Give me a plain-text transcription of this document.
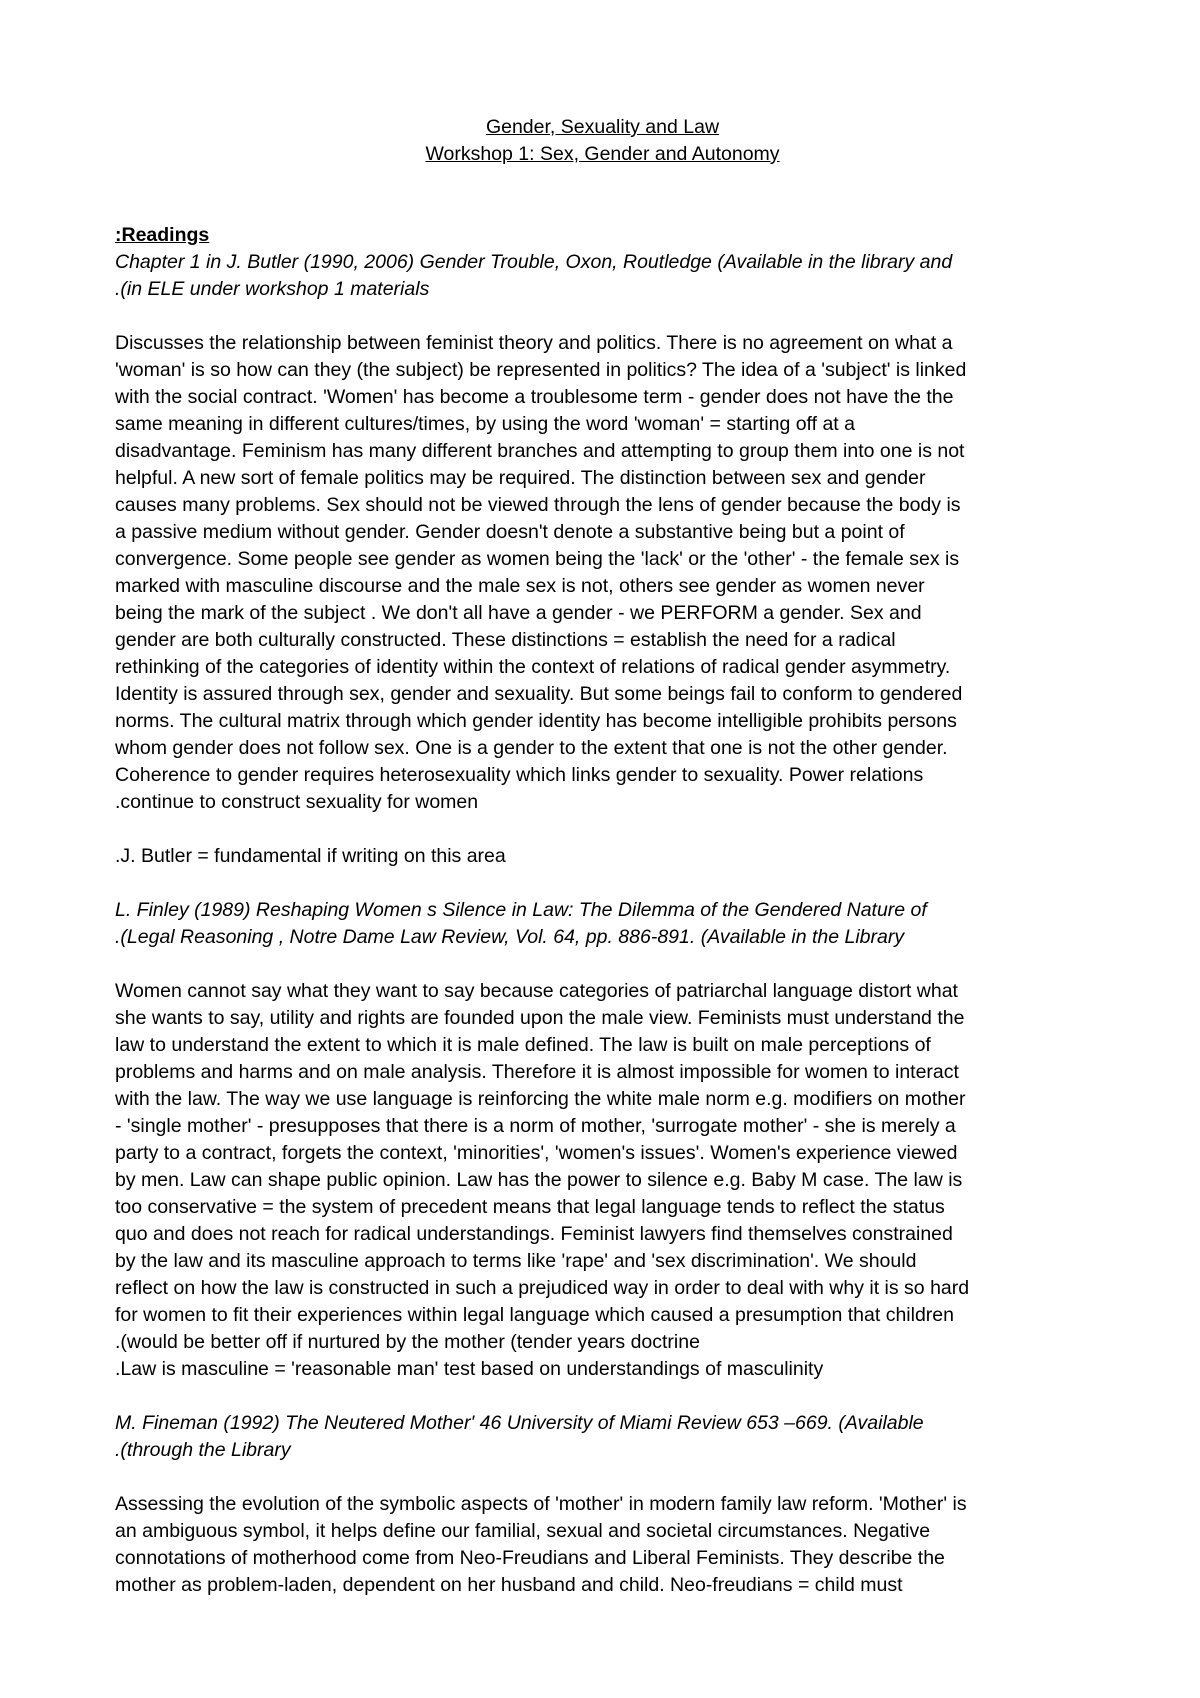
Gender, Sexuality and Law
Workshop 1: Sex, Gender and Autonomy
:Readings
Chapter 1 in J. Butler (1990, 2006) Gender Trouble, Oxon, Routledge (Available in the library and
.(in ELE under workshop 1 materials
Discusses the relationship between feminist theory and politics. There is no agreement on what a
'woman' is so how can they (the subject) be represented in politics? The idea of a 'subject' is linked
with the social contract. 'Women' has become a troublesome term - gender does not have the the
same meaning in different cultures/times, by using the word 'woman' = starting off at a
disadvantage. Feminism has many different branches and attempting to group them into one is not
helpful. A new sort of female politics may be required. The distinction between sex and gender
causes many problems. Sex should not be viewed through the lens of gender because the body is
a passive medium without gender. Gender doesn't denote a substantive being but a point of
convergence. Some people see gender as women being the 'lack' or the 'other' - the female sex is
marked with masculine discourse and the male sex is not, others see gender as women never
being the mark of the subject . We don't all have a gender - we PERFORM a gender. Sex and
gender are both culturally constructed. These distinctions = establish the need for a radical
rethinking of the categories of identity within the context of relations of radical gender asymmetry.
Identity is assured through sex, gender and sexuality. But some beings fail to conform to gendered
norms. The cultural matrix through which gender identity has become intelligible prohibits persons
whom gender does not follow sex. One is a gender to the extent that one is not the other gender.
Coherence to gender requires heterosexuality which links gender to sexuality. Power relations
.continue to construct sexuality for women
.J. Butler = fundamental if writing on this area
L. Finley (1989) Reshaping Women s Silence in Law: The Dilemma of the Gendered Nature of
.(Legal Reasoning , Notre Dame Law Review, Vol. 64, pp. 886-891. (Available in the Library
Women cannot say what they want to say because categories of patriarchal language distort what
she wants to say, utility and rights are founded upon the male view. Feminists must understand the
law to understand the extent to which it is male defined. The law is built on male perceptions of
problems and harms and on male analysis. Therefore it is almost impossible for women to interact
with the law. The way we use language is reinforcing the white male norm e.g. modifiers on mother
- 'single mother' - presupposes that there is a norm of mother, 'surrogate mother' - she is merely a
party to a contract, forgets the context, 'minorities', 'women's issues'. Women's experience viewed
by men. Law can shape public opinion. Law has the power to silence e.g. Baby M case. The law is
too conservative = the system of precedent means that legal language tends to reflect the status
quo and does not reach for radical understandings. Feminist lawyers find themselves constrained
by the law and its masculine approach to terms like 'rape' and 'sex discrimination'. We should
reflect on how the law is constructed in such a prejudiced way in order to deal with why it is so hard
for women to fit their experiences within legal language which caused a presumption that children
.(would be better off if nurtured by the mother (tender years doctrine
.Law is masculine = 'reasonable man' test based on understandings of masculinity
M. Fineman (1992) The Neutered Mother' 46 University of Miami Review 653 –669. (Available
.(through the Library
Assessing the evolution of the symbolic aspects of 'mother' in modern family law reform. 'Mother' is
an ambiguous symbol, it helps define our familial, sexual and societal circumstances. Negative
connotations of motherhood come from Neo-Freudians and Liberal Feminists. They describe the
mother as problem-laden, dependent on her husband and child. Neo-freudians = child must
